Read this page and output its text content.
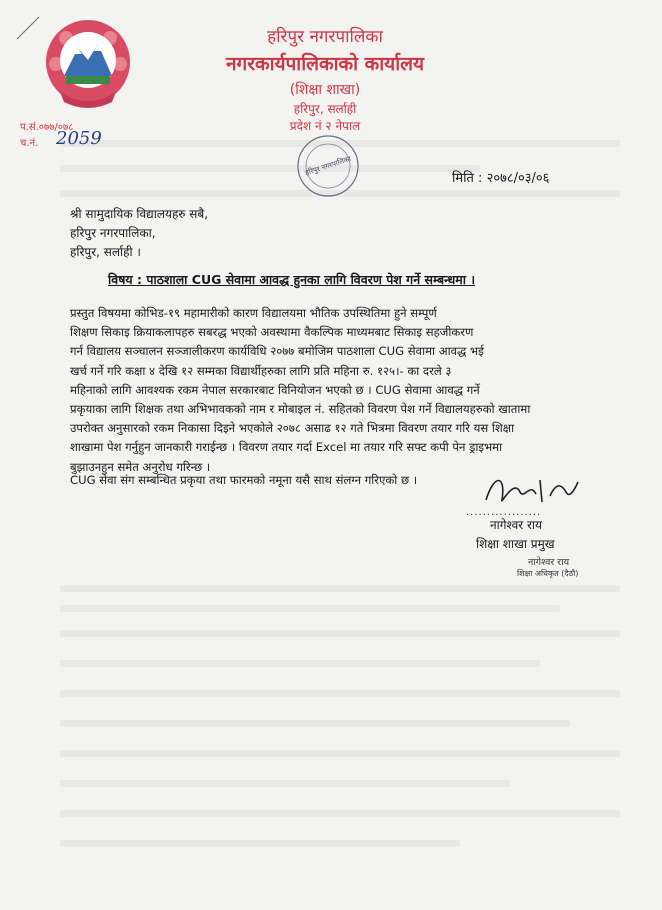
हरिपुर नगरपालिका
नगरकार्यपालिकाको कार्यालय
(शिक्षा शाखा)
हरिपुर, सर्लाही
प्रदेश नं २ नेपाल
प.सं.०७७/०७८
च.नं. 2059
हरिपुर नगरपालिका
मिति : २०७८/०३/०६
श्री सामुदायिक विद्यालयहरु सबै,
हरिपुर नगरपालिका,
हरिपुर, सर्लाही ।
विषय : पाठशाला CUG सेवामा आवद्ध हुनका लागि विवरण पेश गर्ने सम्बन्धमा ।
प्रस्तुत विषयमा कोभिड-१९ महामारीको कारण विद्यालयमा भौतिक उपस्थितिमा हुने सम्पूर्ण
शिक्षण सिकाइ क्रियाकलापहरु सबरद्ध भएको अवस्थामा वैकल्पिक माध्यमबाट सिकाइ सहजीकरण
गर्न विद्यालय सञ्चालन सञ्जालीकरण कार्यविधि २०७७ बमोजिम पाठशाला CUG सेवामा आवद्ध भई
खर्च गर्ने गरि कक्षा ४ देखि १२ सम्मका विद्यार्थीहरुका लागि प्रति महिना रु. १२५।- का दरले ३
महिनाको लागि आवश्यक रकम नेपाल सरकारबाट विनियोजन भएको छ । CUG सेवामा आवद्ध गर्ने
प्रकृयाका लागि शिक्षक तथा अभिभावकको नाम र मोबाइल नं. सहितको विवरण पेश गर्ने विद्यालयहरुको खातामा
उपरोक्त अनुसारको रकम निकासा दिइने भएकोले २०७८ असाढ १२ गते भित्रमा विवरण तयार गरि यस शिक्षा
शाखामा पेश गर्नुहुन जानकारी गराईन्छ । विवरण तयार गर्दा Excel मा तयार गरि सफ्ट कपी पेन ड्राइभमा
बुझाउनहुन समेत अनुरोध गरिन्छ ।
CUG सेवा संग सम्बन्धित प्रकृया तथा फारमको नमूना यसै साथ संलग्न गरिएको छ ।
..................
नागेश्वर राय
शिक्षा शाखा प्रमुख
नागेश्वर राय
शिक्षा अधिकृत (दैठौ)
